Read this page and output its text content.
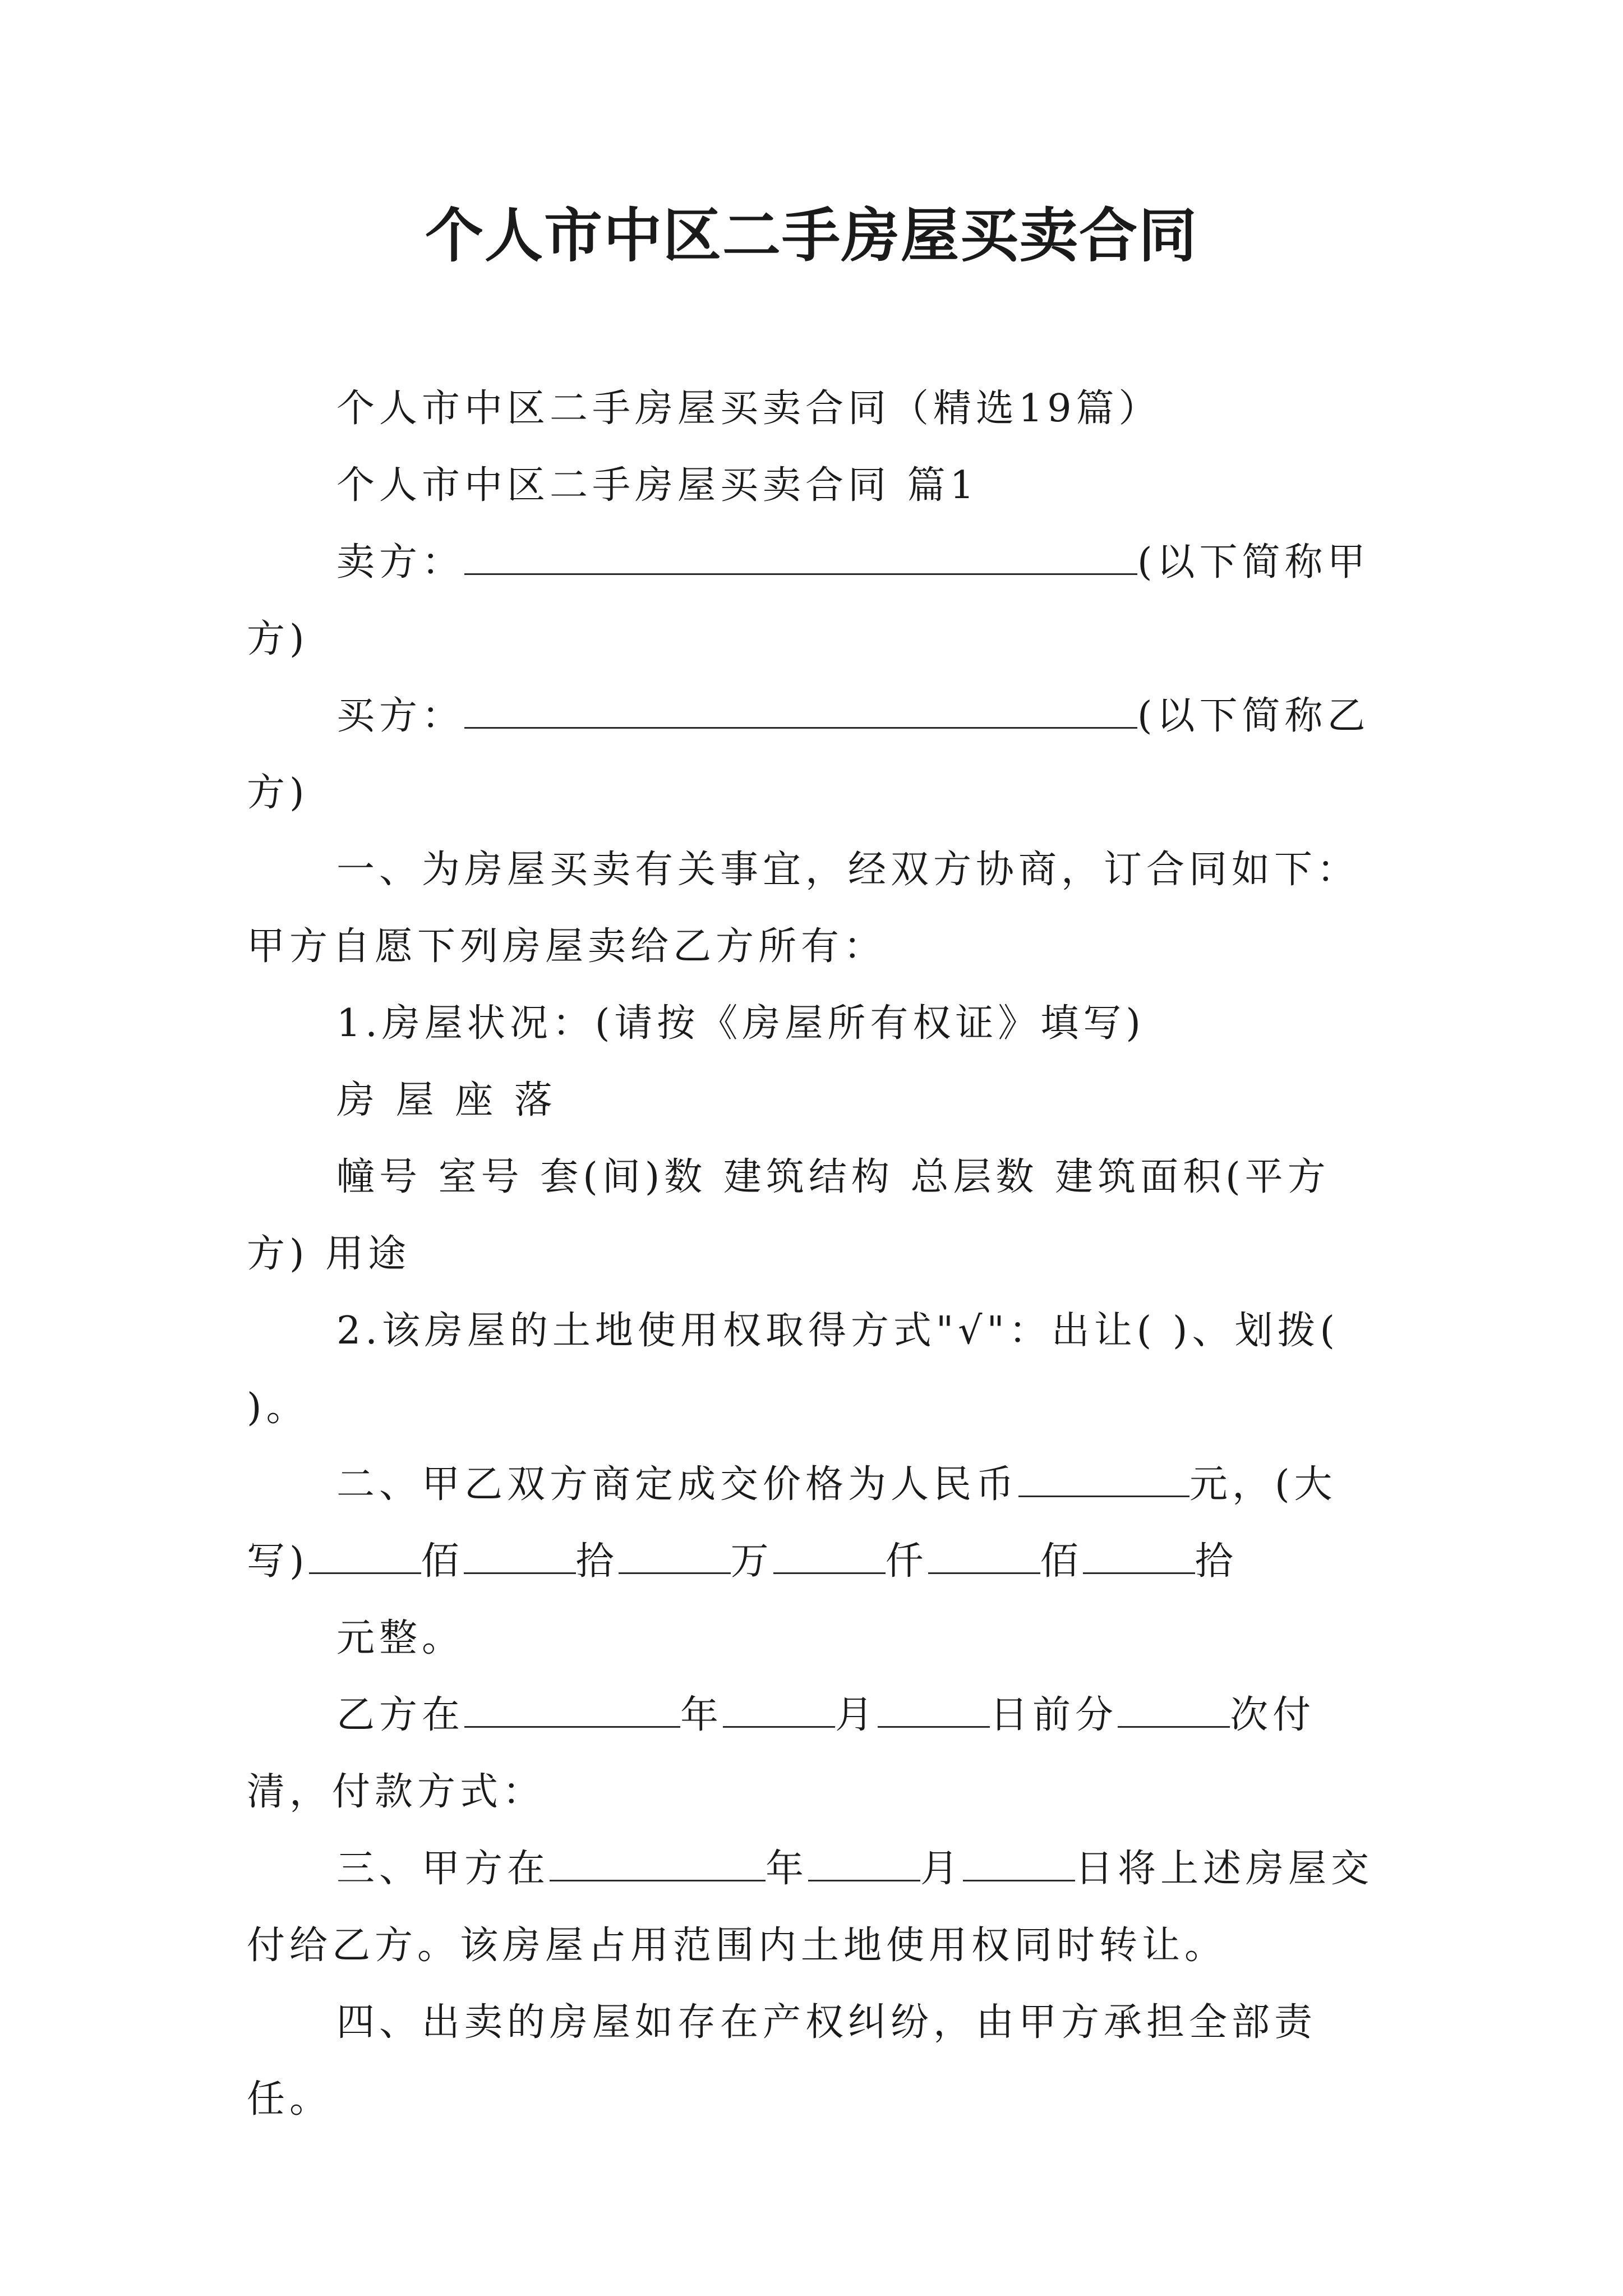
个人市中区二手房屋买卖合同

个人市中区二手房屋买卖合同（精选19篇）

个人市中区二手房屋买卖合同 篇1

卖方：	(以下简称甲方)

买方：	(以下简称乙方)

一、为房屋买卖有关事宜，经双方协商，订合同如下：甲方自愿下列房屋卖给乙方所有：

1.房屋状况：(请按《房屋所有权证》填写)

房 屋 座 落

幢号 室号 套(间)数 建筑结构 总层数 建筑面积(平方方) 用途

2.该房屋的土地使用权取得方式"√"：出让( )、划拨( )。

二、甲乙双方商定成交价格为人民币	元，(大写)	佰	拾	万	仟	佰	拾

元整。

乙方在	年	月	日前分	次付清，付款方式：

三、甲方在	年	月	日将上述房屋交付给乙方。该房屋占用范围内土地使用权同时转让。

四、出卖的房屋如存在产权纠纷，由甲方承担全部责任。
